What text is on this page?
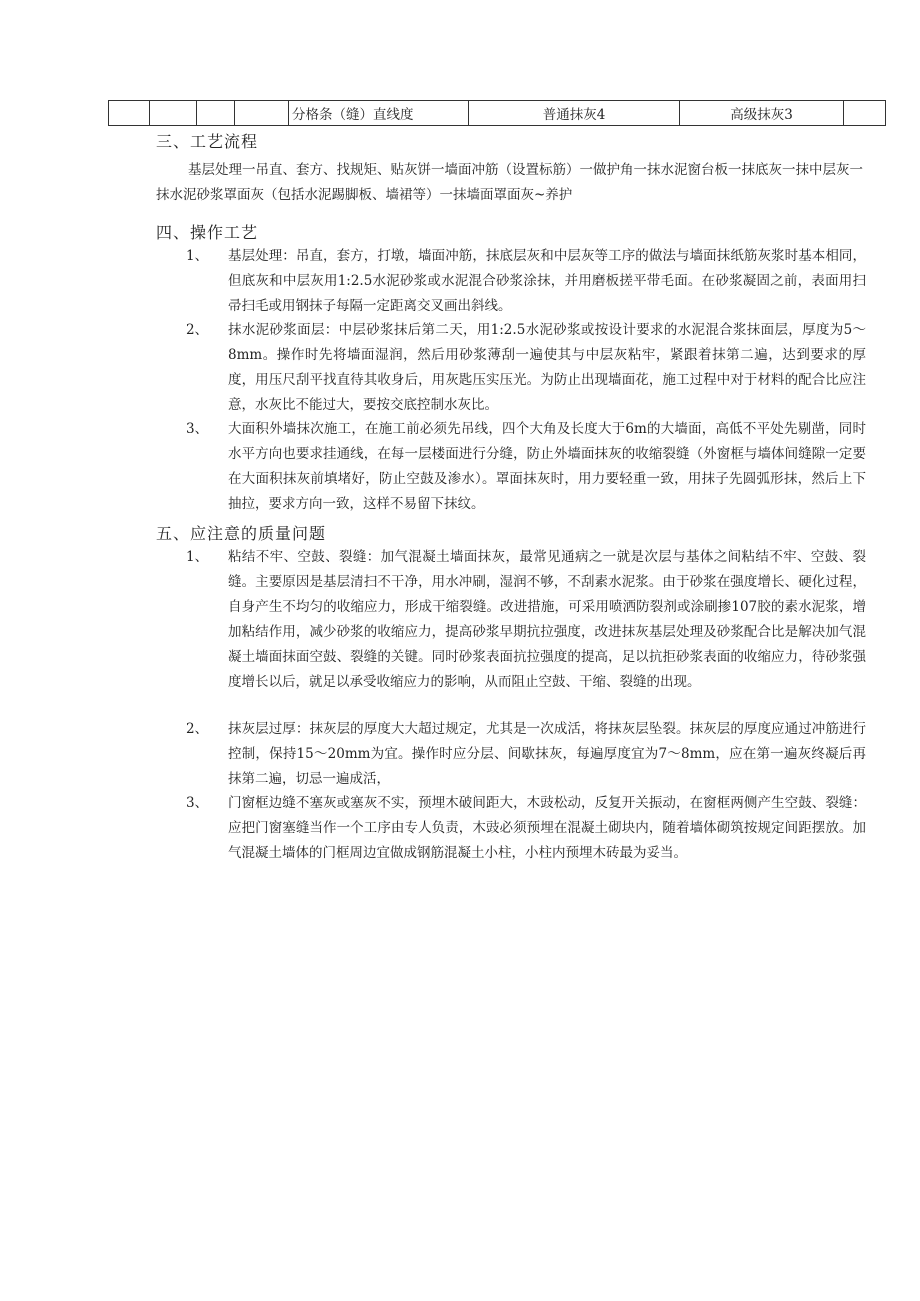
				分格条（缝）直线度	普通抹灰4	高级抹灰3	
三、工艺流程
基层处理一吊直、套方、找规矩、贴灰饼一墙面冲筋（设置标筋）一做护角一抹水泥窗台板一抹底灰一抹中层灰一抹水泥砂浆罩面灰（包括水泥踢脚板、墙裙等）一抹墙面罩面灰~养护
四、操作工艺
1、 基层处理：吊直，套方，打墩，墙面冲筋，抹底层灰和中层灰等工序的做法与墙面抹纸筋灰浆时基本相同，但底灰和中层灰用1:2.5水泥砂浆或水泥混合砂浆涂抹，并用磨板搓平带毛面。在砂浆凝固之前，表面用扫帚扫毛或用钢抹子每隔一定距离交叉画出斜线。
2、 抹水泥砂浆面层：中层砂浆抹后第二天，用1:2.5水泥砂浆或按设计要求的水泥混合浆抹面层，厚度为5～8mm。操作时先将墙面湿润，然后用砂浆薄刮一遍使其与中层灰粘牢，紧跟着抹第二遍，达到要求的厚度，用压尺刮平找直待其收身后，用灰匙压实压光。为防止出现墙面花，施工过程中对于材料的配合比应注意，水灰比不能过大，要按交底控制水灰比。
3、 大面积外墙抹次施工，在施工前必须先吊线，四个大角及长度大于6m的大墙面，高低不平处先剔凿，同时水平方向也要求挂通线，在每一层楼面进行分缝，防止外墙面抹灰的收缩裂缝（外窗框与墙体间缝隙一定要在大面积抹灰前填堵好，防止空鼓及渗水）。罩面抹灰时，用力要轻重一致，用抹子先圆弧形抹，然后上下抽拉，要求方向一致，这样不易留下抹纹。
五、应注意的质量问题
1、 粘结不牢、空鼓、裂缝：加气混凝土墙面抹灰，最常见通病之一就是次层与基体之间粘结不牢、空鼓、裂缝。主要原因是基层清扫不干净，用水冲刷，湿润不够，不刮素水泥浆。由于砂浆在强度增长、硬化过程，自身产生不均匀的收缩应力，形成干缩裂缝。改进措施，可采用喷洒防裂剂或涂刷掺107胶的素水泥浆，增加粘结作用，减少砂浆的收缩应力，提高砂浆早期抗拉强度，改进抹灰基层处理及砂浆配合比是解决加气混凝土墙面抹面空鼓、裂缝的关键。同时砂浆表面抗拉强度的提高，足以抗拒砂浆表面的收缩应力，待砂浆强度增长以后，就足以承受收缩应力的影响，从而阻止空鼓、干缩、裂缝的出现。
2、 抹灰层过厚：抹灰层的厚度大大超过规定，尤其是一次成活，将抹灰层坠裂。抹灰层的厚度应通过冲筋进行控制，保持15～20mm为宜。操作时应分层、间歇抹灰，每遍厚度宜为7～8mm，应在第一遍灰终凝后再抹第二遍，切忌一遍成活，
3、 门窗框边缝不塞灰或塞灰不实，预埋木破间距大，木豉松动，反复开关振动，在窗框两侧产生空鼓、裂缝：应把门窗塞缝当作一个工序由专人负责，木豉必须预埋在混凝土砌块内，随着墙体砌筑按规定间距摆放。加气混凝土墙体的门框周边宜做成钢筋混凝土小柱，小柱内预埋木砖最为妥当。
